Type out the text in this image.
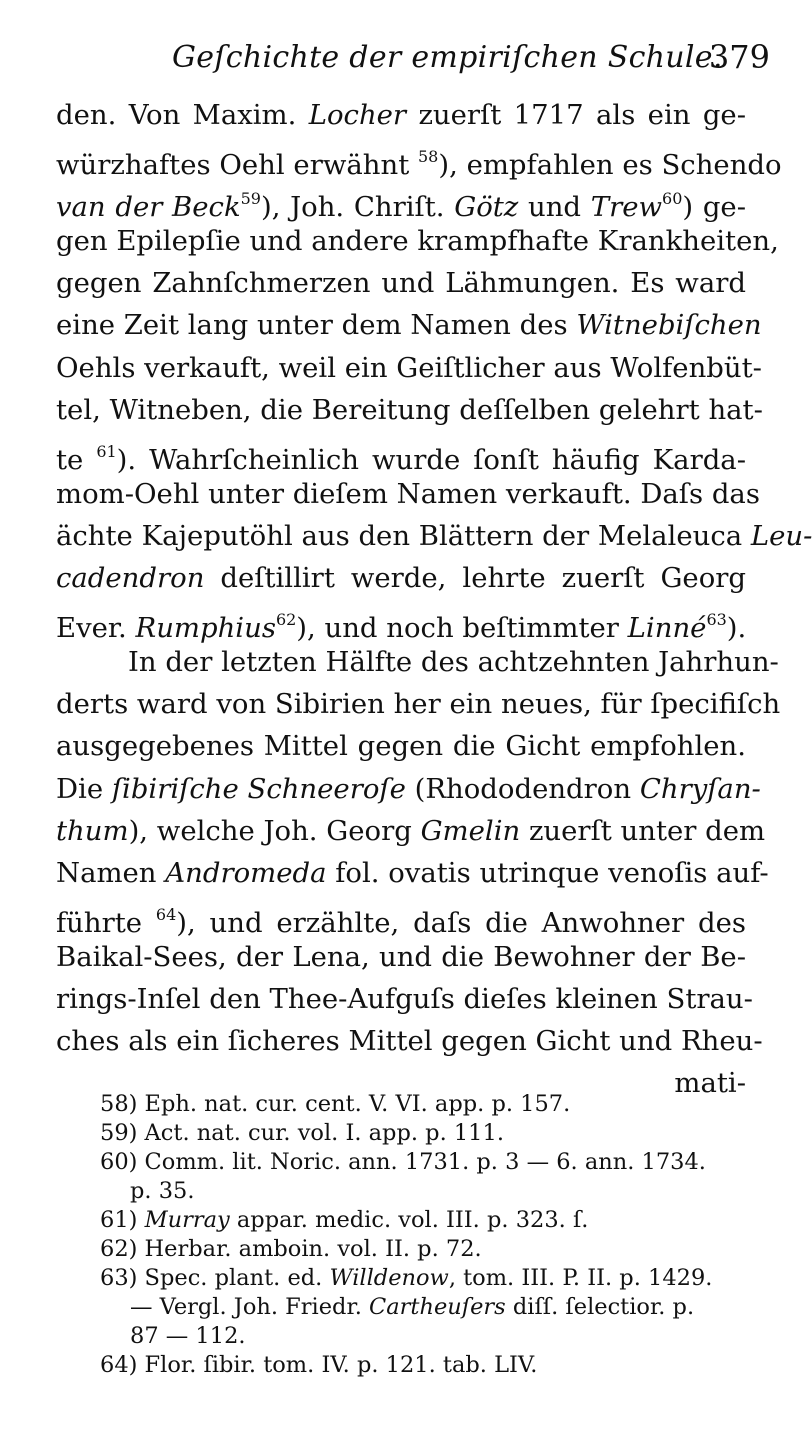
Geſchichte der empiriſchen Schule.
379
den. Von Maxim. Locher zuerſt 1717 als ein ge-
würzhaftes Oehl erwähnt $^{58}$), empfahlen es Schendo
van der Beck$^{59}$), Joh. Chriſt. Götz und Trew$^{60}$) ge-
gen Epilepſie und andere krampfhafte Krankheiten,
gegen Zahnſchmerzen und Lähmungen. Es ward
eine Zeit lang unter dem Namen des Witnebiſchen
Oehls verkauft, weil ein Geiſtlicher aus Wolfenbüt-
tel, Witneben, die Bereitung deſſelben gelehrt hat-
te $^{61}$). Wahrſcheinlich wurde ſonſt häufig Karda-
mom-Oehl unter dieſem Namen verkauft. Daſs das
ächte Kajeputöhl aus den Blättern der Melaleuca Leu-
cadendron deſtillirt werde, lehrte zuerſt Georg
Ever. Rumphius$^{62}$), und noch beſtimmter Linné$^{63}$).
In der letzten Hälfte des achtzehnten Jahrhun-
derts ward von Sibirien her ein neues, für ſpecifiſch
ausgegebenes Mittel gegen die Gicht empfohlen.
Die ſibiriſche Schneeroſe (Rhododendron Chryſan-
thum), welche Joh. Georg Gmelin zuerſt unter dem
Namen Andromeda fol. ovatis utrinque venoſis auf-
führte $^{64}$), und erzählte, daſs die Anwohner des
Baikal-Sees, der Lena, und die Bewohner der Be-
rings-Inſel den Thee-Aufguſs dieſes kleinen Strau-
ches als ein ſicheres Mittel gegen Gicht und Rheu-
mati-
58) Eph. nat. cur. cent. V. VI. app. p. 157.
59) Act. nat. cur. vol. I. app. p. 111.
60) Comm. lit. Noric. ann. 1731. p. 3 — 6. ann. 1734.
p. 35.
61) Murray appar. medic. vol. III. p. 323. ſ.
62) Herbar. amboin. vol. II. p. 72.
63) Spec. plant. ed. Willdenow, tom. III. P. II. p. 1429.
— Vergl. Joh. Friedr. Cartheuſers diſſ. ſelectior. p.
87 — 112.
64) Flor. ſibir. tom. IV. p. 121. tab. LIV.
